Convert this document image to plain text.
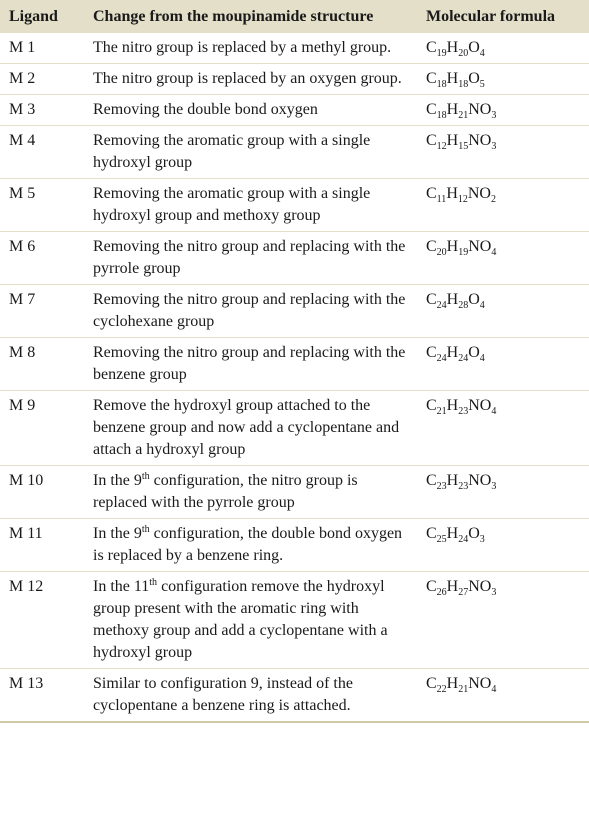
Ligand	Change from the moupinamide structure	Molecular formula
M 1	The nitro group is replaced by a methyl group.	$C_{19}H_{20}O_4$
M 2	The nitro group is replaced by an oxygen group.	$C_{18}H_{18}O_5$
M 3	Removing the double bond oxygen	$C_{18}H_{21}NO_3$
M 4	Removing the aromatic group with a single hydroxyl group	$C_{12}H_{15}NO_3$
M 5	Removing the aromatic group with a single hydroxyl group and methoxy group	$C_{11}H_{12}NO_2$
M 6	Removing the nitro group and replacing with the pyrrole group	$C_{20}H_{19}NO_4$
M 7	Removing the nitro group and replacing with the cyclohexane group	$C_{24}H_{28}O_4$
M 8	Removing the nitro group and replacing with the benzene group	$C_{24}H_{24}O_4$
M 9	Remove the hydroxyl group attached to the benzene group and now add a cyclopentane and attach a hydroxyl group	$C_{21}H_{23}NO_4$
M 10	In the 9th configuration, the nitro group is replaced with the pyrrole group	$C_{23}H_{23}NO_3$
M 11	In the 9th configuration, the double bond oxygen is replaced by a benzene ring.	$C_{25}H_{24}O_3$
M 12	In the 11th configuration remove the hydroxyl group present with the aromatic ring with methoxy group and add a cyclopentane with a hydroxyl group	$C_{26}H_{27}NO_3$
M 13	Similar to configuration 9, instead of the cyclopentane a benzene ring is attached.	$C_{22}H_{21}NO_4$
